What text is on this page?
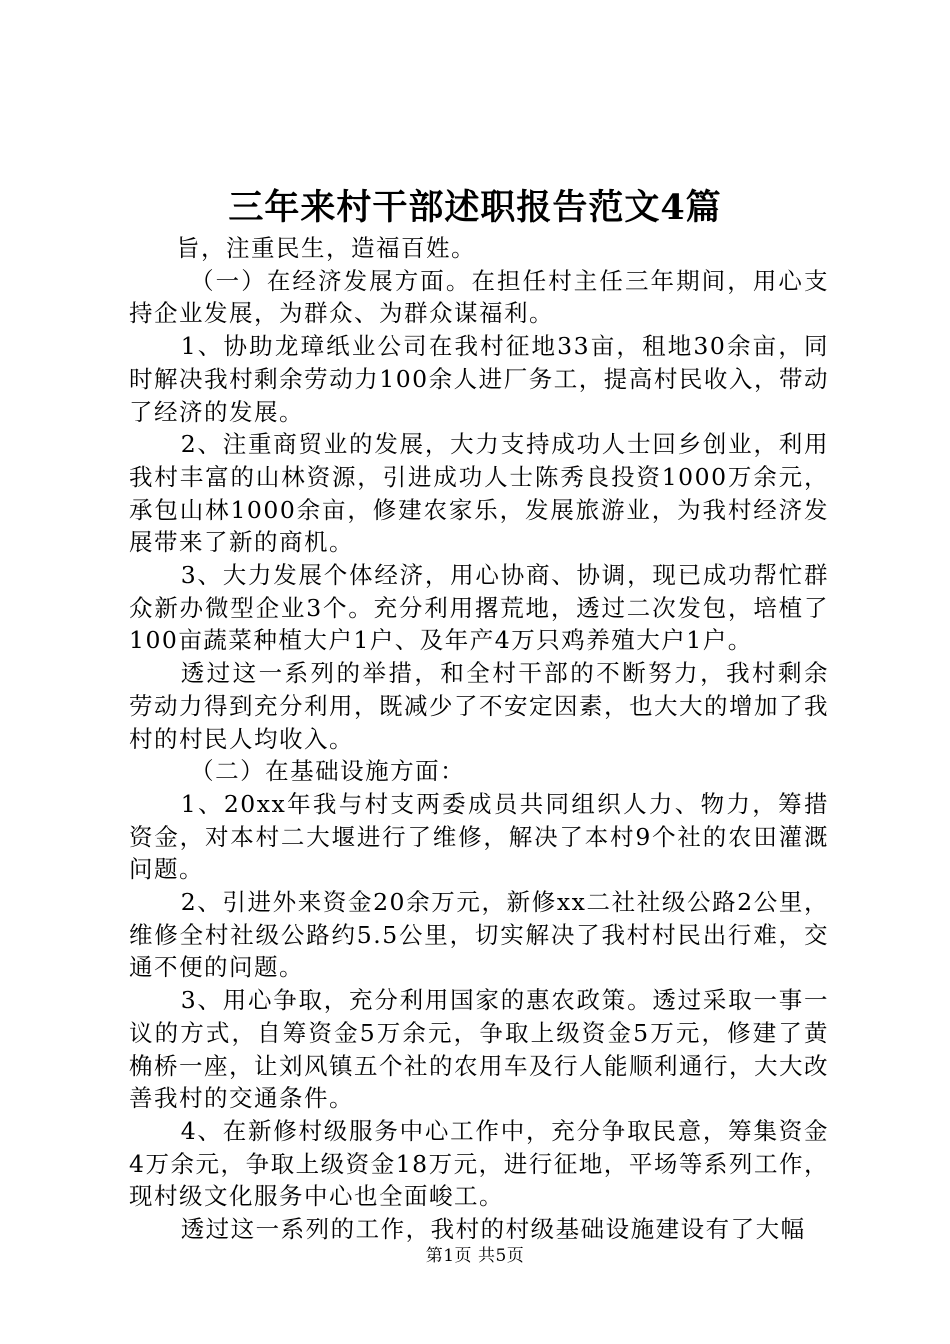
三年来村干部述职报告范文4篇

旨，注重民生，造福百姓。

（一）在经济发展方面。在担任村主任三年期间，用心支持企业发展，为群众、为群众谋福利。

1、协助龙璋纸业公司在我村征地33亩，租地30余亩，同时解决我村剩余劳动力100余人进厂务工，提高村民收入，带动了经济的发展。

2、注重商贸业的发展，大力支持成功人士回乡创业，利用我村丰富的山林资源，引进成功人士陈秀良投资1000万余元，承包山林1000余亩，修建农家乐，发展旅游业，为我村经济发展带来了新的商机。

3、大力发展个体经济，用心协商、协调，现已成功帮忙群众新办微型企业3个。充分利用撂荒地，透过二次发包，培植了100亩蔬菜种植大户1户、及年产4万只鸡养殖大户1户。

透过这一系列的举措，和全村干部的不断努力，我村剩余劳动力得到充分利用，既减少了不安定因素，也大大的增加了我村的村民人均收入。

（二）在基础设施方面：

1、20xx年我与村支两委成员共同组织人力、物力，筹措资金，对本村二大堰进行了维修，解决了本村9个社的农田灌溉问题。

2、引进外来资金20余万元，新修xx二社社级公路2公里，维修全村社级公路约5.5公里，切实解决了我村村民出行难，交通不便的问题。

3、用心争取，充分利用国家的惠农政策。透过采取一事一议的方式，自筹资金5万余元，争取上级资金5万元，修建了黄桷桥一座，让刘风镇五个社的农用车及行人能顺利通行，大大改善我村的交通条件。

4、在新修村级服务中心工作中，充分争取民意，筹集资金4万余元，争取上级资金18万元，进行征地，平场等系列工作，现村级文化服务中心也全面峻工。

透过这一系列的工作，我村的村级基础设施建设有了大幅

第1页 共5页
